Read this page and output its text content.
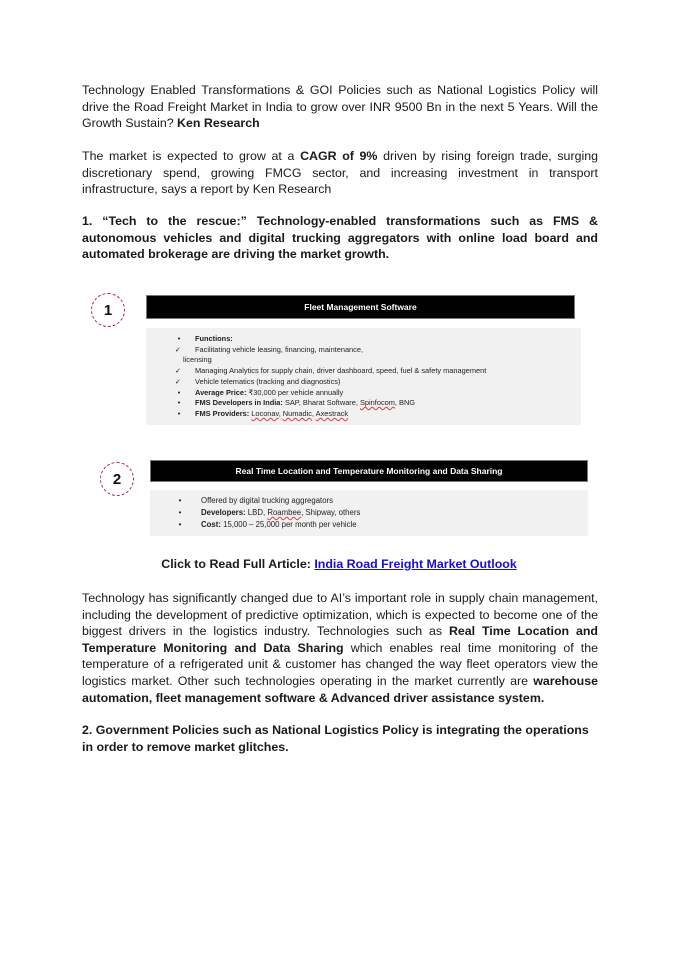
Technology Enabled Transformations & GOI Policies such as National Logistics Policy will drive the Road Freight Market in India to grow over INR 9500 Bn in the next 5 Years. Will the Growth Sustain? Ken Research

The market is expected to grow at a CAGR of 9% driven by rising foreign trade, surging discretionary spend, growing FMCG sector, and increasing investment in transport infrastructure, says a report by Ken Research

1. “Tech to the rescue:” Technology-enabled transformations such as FMS & autonomous vehicles and digital trucking aggregators with online load board and automated brokerage are driving the market growth.

1	Fleet Management Software
•	Functions:
✓	Facilitating vehicle leasing, financing, maintenance,
licensing
✓	Managing Analytics for supply chain, driver dashboard, speed, fuel & safety management
✓	Vehicle telematics (tracking and diagnostics)
•	Average Price: ₹30,000 per vehicle annually
•	FMS Developers in India: SAP, Bharat Software, Spinfocom, BNG
•	FMS Providers: Loconav, Numadic, Axestrack
2	Real Time Location and Temperature Monitoring and Data Sharing
•	Offered by digital trucking aggregators
•	Developers: LBD, Roambee, Shipway, others
•	Cost: 15,000 – 25,000 per month per vehicle
Click to Read Full Article: India Road Freight Market Outlook

Technology has significantly changed due to AI’s important role in supply chain management, including the development of predictive optimization, which is expected to become one of the biggest drivers in the logistics industry. Technologies such as Real Time Location and Temperature Monitoring and Data Sharing which enables real time monitoring of the temperature of a refrigerated unit & customer has changed the way fleet operators view the logistics market. Other such technologies operating in the market currently are warehouse automation, fleet management software & Advanced driver assistance system.

2. Government Policies such as National Logistics Policy is integrating the operations in order to remove market glitches.
